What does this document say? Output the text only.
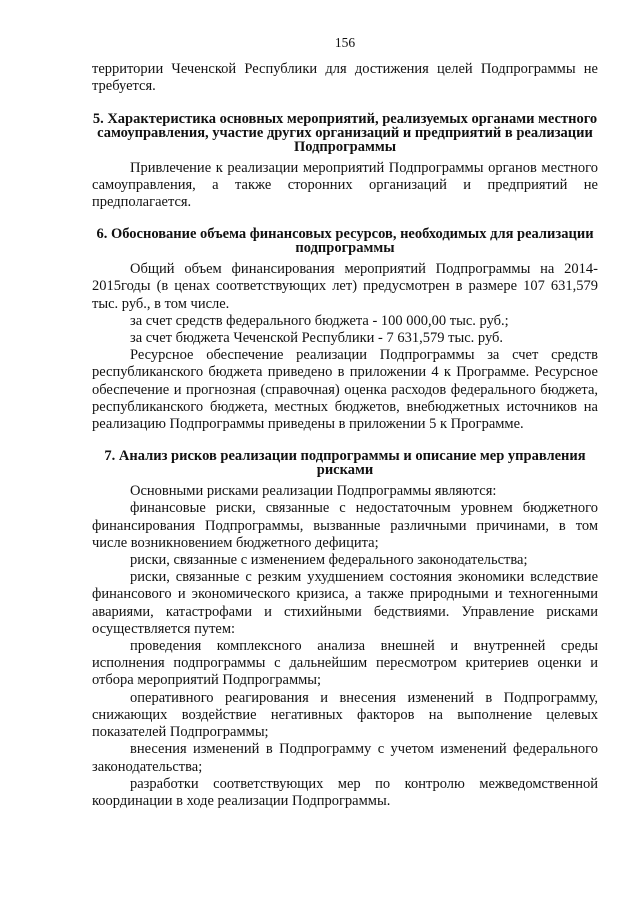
156

территории Чеченской Республики для достижения целей Подпрограммы не требуется.

5. Характеристика основных мероприятий, реализуемых органами местного самоуправления, участие других организаций и предприятий в реализации Подпрограммы

Привлечение к реализации мероприятий Подпрограммы органов местного самоуправления, а также сторонних организаций и предприятий не предполагается.

6. Обоснование объема финансовых ресурсов, необходимых для реализации подпрограммы

Общий объем финансирования мероприятий Подпрограммы на 2014-2015годы (в ценах соответствующих лет) предусмотрен в размере 107 631,579 тыс. руб., в том числе.

за счет средств федерального бюджета - 100 000,00 тыс. руб.;

за счет бюджета Чеченской Республики - 7 631,579 тыс. руб.

Ресурсное обеспечение реализации Подпрограммы за счет средств республиканского бюджета приведено в приложении 4 к Программе. Ресурсное обеспечение и прогнозная (справочная) оценка расходов федерального бюджета, республиканского бюджета, местных бюджетов, внебюджетных источников на реализацию Подпрограммы приведены в приложении 5 к Программе.

7. Анализ рисков реализации подпрограммы и описание мер управления рисками

Основными рисками реализации Подпрограммы являются:

финансовые риски, связанные с недостаточным уровнем бюджетного финансирования Подпрограммы, вызванные различными причинами, в том числе возникновением бюджетного дефицита;

риски, связанные с изменением федерального законодательства;

риски, связанные с резким ухудшением состояния экономики вследствие финансового и экономического кризиса, а также природными и техногенными авариями, катастрофами и стихийными бедствиями. Управление рисками осуществляется путем:

проведения комплексного анализа внешней и внутренней среды исполнения подпрограммы с дальнейшим пересмотром критериев оценки и отбора мероприятий Подпрограммы;

оперативного реагирования и внесения изменений в Подпрограмму, снижающих воздействие негативных факторов на выполнение целевых показателей Подпрограммы;

внесения изменений в Подпрограмму с учетом изменений федерального законодательства;

разработки соответствующих мер по контролю межведомственной координации в ходе реализации Подпрограммы.
